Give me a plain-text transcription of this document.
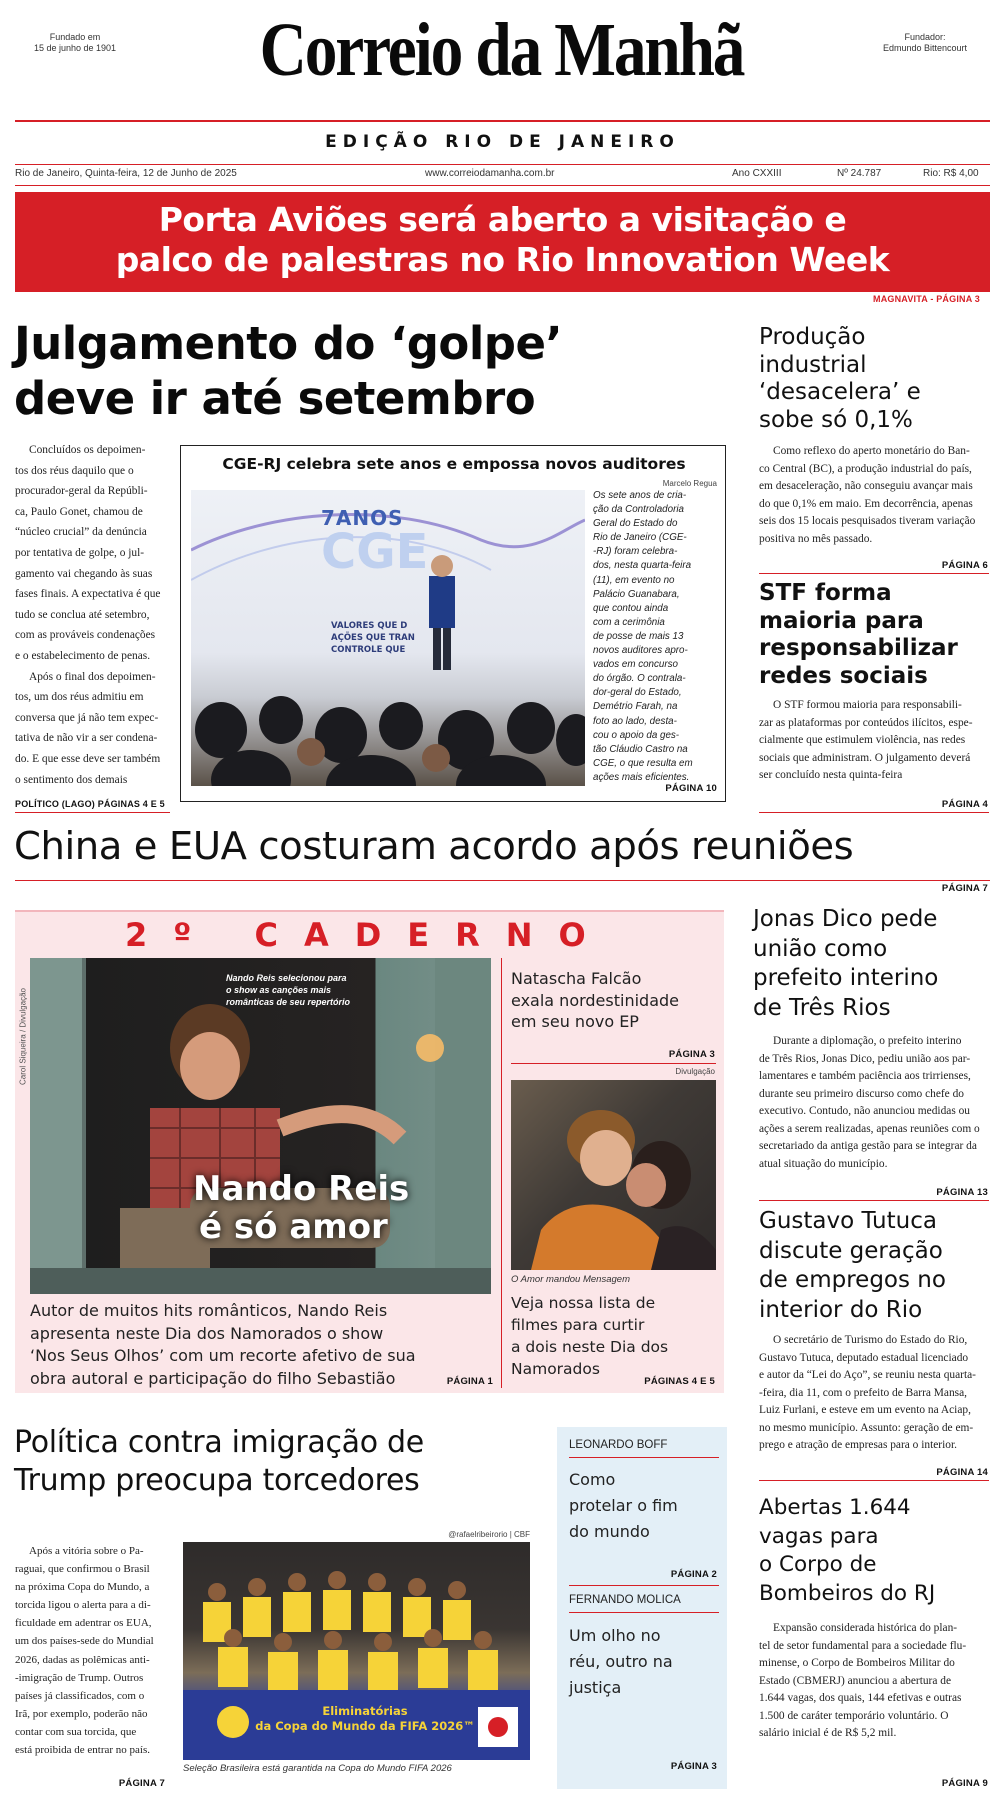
Fundado em
15 de junho de 1901	Correio da Manhã	Fundador:
Edmundo Bittencourt
EDIÇÃO RIO DE JANEIRO
Rio de Janeiro, Quinta-feira, 12 de Junho de 2025	www.correiodamanha.com.br	Ano CXXIII	Nº 24.787	Rio: R$ 4,00
Porta Aviões será aberto a visitação e
palco de palestras no Rio Innovation Week
MAGNAVITA - PÁGINA 3
Julgamento do ‘golpe’
deve ir até setembro
Concluídos os depoimen-
tos dos réus daquilo que o
procurador-geral da Repúbli-
ca, Paulo Gonet, chamou de
“núcleo crucial” da denúncia
por tentativa de golpe, o jul-
gamento vai chegando às suas
fases finais. A expectativa é que
tudo se conclua até setembro,
com as prováveis condenações
e o estabelecimento de penas.
Após o final dos depoimen-
tos, um dos réus admitiu em
conversa que já não tem expec-
tativa de não vir a ser condena-
do. E que esse deve ser também
o sentimento dos demais
POLÍTICO (LAGO) PÁGINAS 4 E 5
CGE-RJ celebra sete anos e empossa novos auditores
Marcelo Regua
7ANOS
CGE
VALORES QUE D
AÇÕES QUE TRAN
CONTROLE QUE
Os sete anos de cria-
ção da Controladoria
Geral do Estado do
Rio de Janeiro (CGE-
-RJ) foram celebra-
dos, nesta quarta-feira
(11), em evento no
Palácio Guanabara,
que contou ainda
com a cerimônia
de posse de mais 13
novos auditores apro-
vados em concurso
do órgão. O contrala-
dor-geral do Estado,
Demétrio Farah, na
foto ao lado, desta-
cou o apoio da ges-
tão Cláudio Castro na
CGE, o que resulta em
ações mais eficientes.
PÁGINA 10
Produção
industrial
‘desacelera’ e
sobe só 0,1%
Como reflexo do aperto monetário do Ban-
co Central (BC), a produção industrial do país,
em desaceleração, não conseguiu avançar mais
do que 0,1% em maio. Em decorrência, apenas
seis dos 15 locais pesquisados tiveram variação
positiva no mês passado.
PÁGINA 6
STF forma
maioria para
responsabilizar
redes sociais
O STF formou maioria para responsabili-
zar as plataformas por conteúdos ilícitos, espe-
cialmente que estimulem violência, nas redes
sociais que administram. O julgamento deverá
ser concluído nesta quinta-feira
PÁGINA 4
China e EUA costuram acordo após reuniões
PÁGINA 7
2º CADERNO
Carol Siqueira / Divulgação
Nando Reis selecionou para
o show as canções mais
românticas de seu repertório
Nando Reis
é só amor
Autor de muitos hits românticos, Nando Reis
apresenta neste Dia dos Namorados o show
‘Nos Seus Olhos’ com um recorte afetivo de sua
obra autoral e participação do filho Sebastião	PÁGINA 1
Natascha Falcão
exala nordestinidade
em seu novo EP
PÁGINA 3
Divulgação
O Amor mandou Mensagem
Veja nossa lista de
filmes para curtir
a dois neste Dia dos
Namorados
PÁGINAS 4 E 5
Jonas Dico pede
união como
prefeito interino
de Três Rios
Durante a diplomação, o prefeito interino
de Três Rios, Jonas Dico, pediu união aos par-
lamentares e também paciência aos trirrienses,
durante seu primeiro discurso como chefe do
executivo. Contudo, não anunciou medidas ou
ações a serem realizadas, apenas reuniões com o
secretariado da antiga gestão para se integrar da
atual situação do município.
PÁGINA 13
Gustavo Tutuca
discute geração
de empregos no
interior do Rio
O secretário de Turismo do Estado do Rio,
Gustavo Tutuca, deputado estadual licenciado
e autor da “Lei do Aço”, se reuniu nesta quarta-
-feira, dia 11, com o prefeito de Barra Mansa,
Luiz Furlani, e esteve em um evento na Aciap,
no mesmo município. Assunto: geração de em-
prego e atração de empresas para o interior.
PÁGINA 14
Política contra imigração de
Trump preocupa torcedores
Após a vitória sobre o Pa-
raguai, que confirmou o Brasil
na próxima Copa do Mundo, a
torcida ligou o alerta para a di-
ficuldade em adentrar os EUA,
um dos países-sede do Mundial
2026, dadas as polêmicas anti-
-imigração de Trump. Outros
países já classificados, com o
Irã, por exemplo, poderão não
contar com sua torcida, que
está proibida de entrar no país.
@rafaelribeirorio | CBF
Eliminatórias
da Copa do Mundo da FIFA 2026™
Seleção Brasileira está garantida na Copa do Mundo FIFA 2026
PÁGINA 7
LEONARDO BOFF
Como
protelar o fim
do mundo
PÁGINA 2
FERNANDO MOLICA
Um olho no
réu, outro na
justiça
PÁGINA 3
Abertas 1.644
vagas para
o Corpo de
Bombeiros do RJ
Expansão considerada histórica do plan-
tel de setor fundamental para a sociedade flu-
minense, o Corpo de Bombeiros Militar do
Estado (CBMERJ) anunciou a abertura de
1.644 vagas, dos quais, 144 efetivas e outras
1.500 de caráter temporário voluntário. O
salário inicial é de R$ 5,2 mil.
PÁGINA 9
